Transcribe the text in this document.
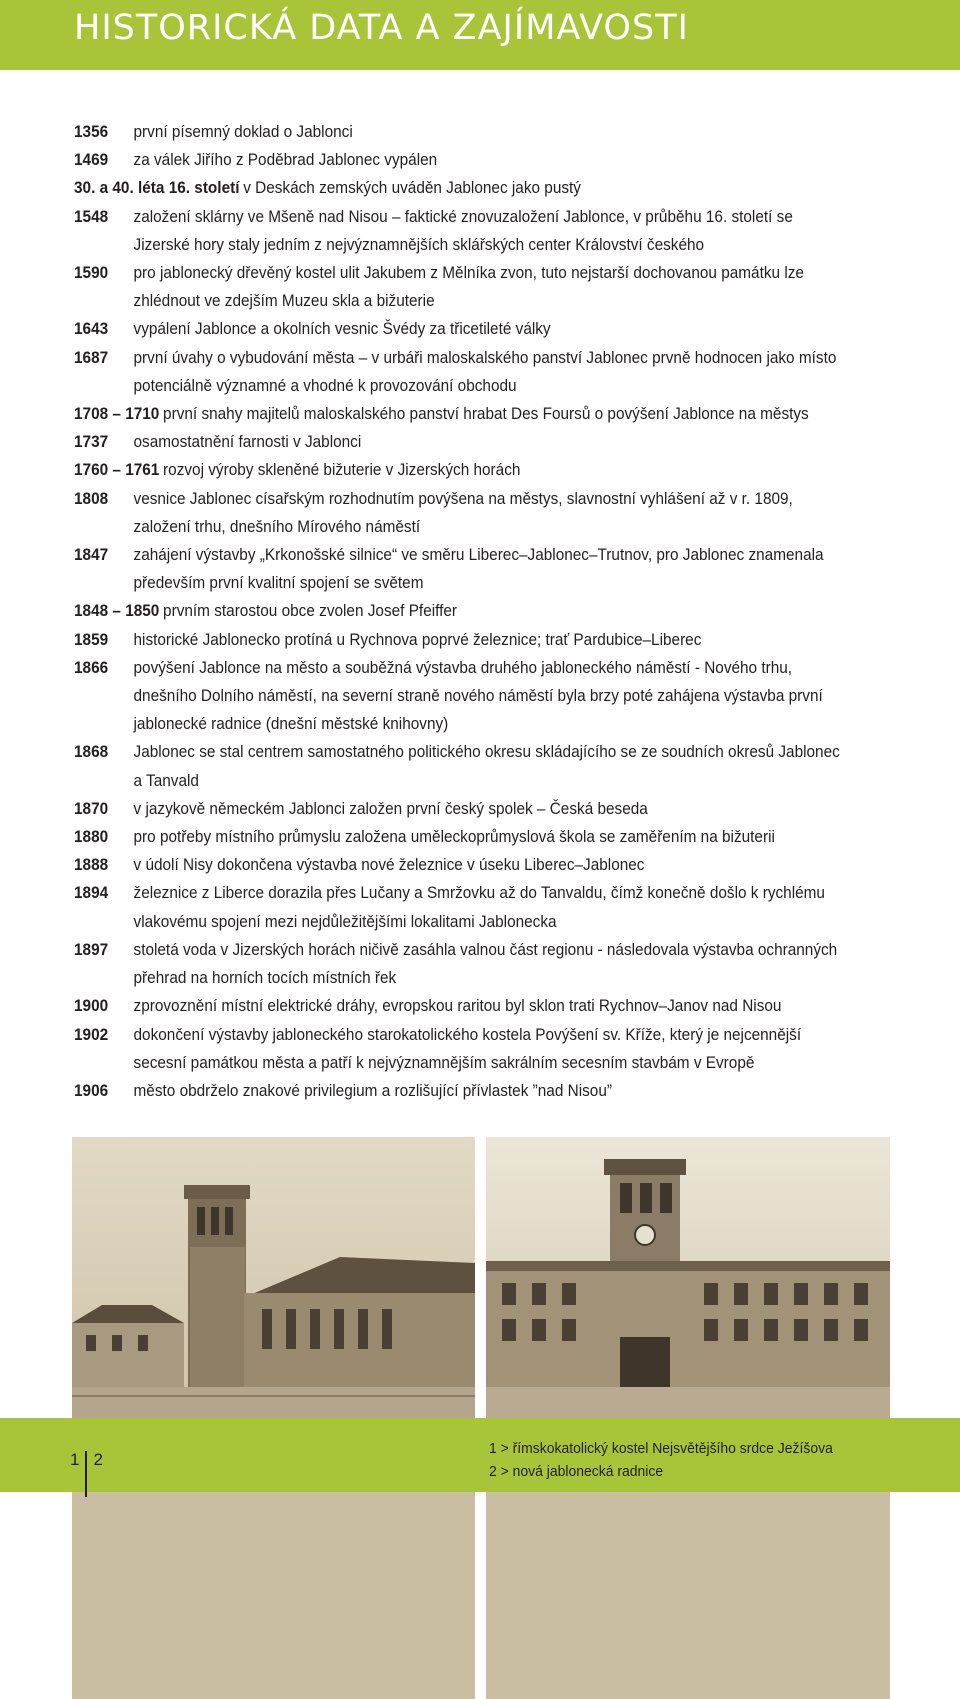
HISTORICKÁ DATA A ZAJÍMAVOSTI
1356	první písemný doklad o Jablonci
1469	za válek Jiřího z Poděbrad Jablonec vypálen
30. a 40. léta 16. století v Deskách zemských uváděn Jablonec jako pustý
1548	založení sklárny ve Mšeně nad Nisou – faktické znovuzaložení Jablonce, v průběhu 16. století se Jizerské hory staly jedním z nejvýznamnějších sklářských center Království českého
1590	pro jablonecký dřevěný kostel ulit Jakubem z Mělníka zvon, tuto nejstarší dochovanou památku lze zhlédnout ve zdejším Muzeu skla a bižuterie
1643	vypálení Jablonce a okolních vesnic Švédy za třicetileté války
1687	první úvahy o vybudování města – v urbáři maloskalského panství Jablonec prvně hodnocen jako místo potenciálně významné a vhodné k provozování obchodu
1708 – 1710 první snahy majitelů maloskalského panství hrabat Des Foursů o povýšení Jablonce na městys
1737	osamostatnění farnosti v Jablonci
1760 – 1761 rozvoj výroby skleněné bižuterie v Jizerských horách
1808	vesnice Jablonec císařským rozhodnutím povýšena na městys, slavnostní vyhlášení až v r. 1809, založení trhu, dnešního Mírového náměstí
1847	zahájení výstavby „Krkonošské silnice“ ve směru Liberec–Jablonec–Trutnov, pro Jablonec znamenala především první kvalitní spojení se světem
1848 – 1850 prvním starostou obce zvolen Josef Pfeiffer
1859	historické Jablonecko protíná u Rychnova poprvé železnice; trať Pardubice–Liberec
1866	povýšení Jablonce na město a souběžná výstavba druhého jabloneckého náměstí - Nového trhu, dnešního Dolního náměstí, na severní straně nového náměstí byla brzy poté zahájena výstavba první jablonecké radnice (dnešní městské knihovny)
1868	Jablonec se stal centrem samostatného politického okresu skládajícího se ze soudních okresů Jablonec a Tanvald
1870	v jazykově německém Jablonci založen první český spolek – Česká beseda
1880	pro potřeby místního průmyslu založena uměleckoprůmyslová škola se zaměřením na bižuterii
1888	v údolí Nisy dokončena výstavba nové železnice v úseku Liberec–Jablonec
1894	železnice z Liberce dorazila přes Lučany a Smržovku až do Tanvaldu, čímž konečně došlo k rychlému vlakovému spojení mezi nejdůležitějšími lokalitami Jablonecka
1897	stoletá voda v Jizerských horách ničivě zasáhla valnou část regionu - následovala výstavba ochranných přehrad na horních tocích místních řek
1900	zprovoznění místní elektrické dráhy, evropskou raritou byl sklon trati Rychnov–Janov nad Nisou
1902	dokončení výstavby jabloneckého starokatolického kostela Povýšení sv. Kříže, který je nejcennější secesní památkou města a patří k nejvýznamnějším sakrálním secesním stavbám v Evropě
1906	město obdrželo znakové privilegium a rozlišující přívlastek ”nad Nisou”
1 2
1 > římskokatolický kostel Nejsvětějšího srdce Ježíšova
2 > nová jablonecká radnice
